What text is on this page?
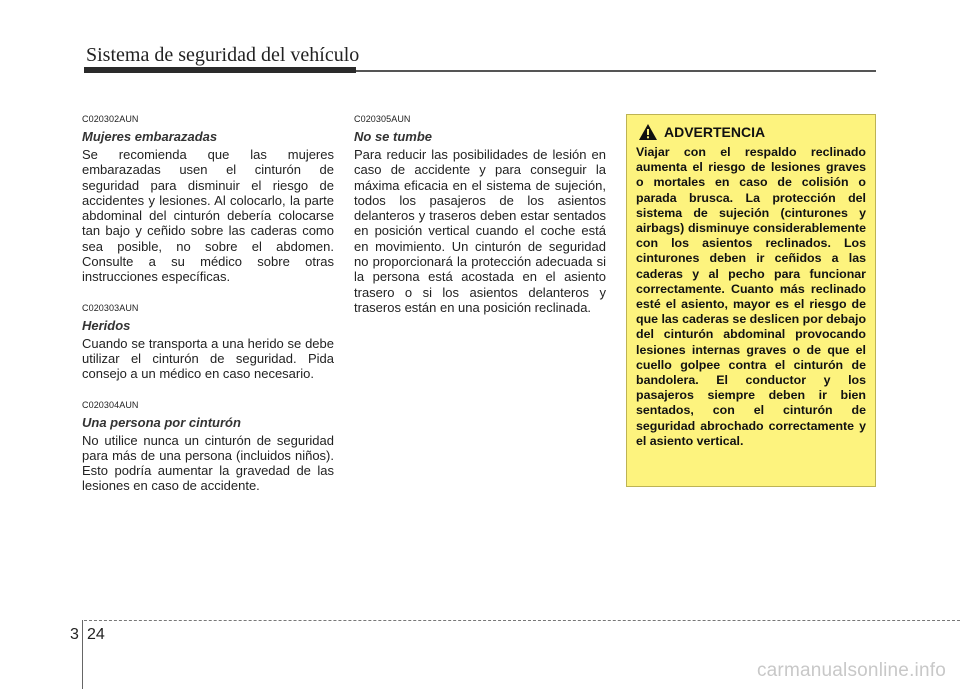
Sistema de seguridad del vehículo
C020302AUN
Mujeres embarazadas
Se recomienda que las mujeres embarazadas usen el cinturón de seguridad para disminuir el riesgo de accidentes y lesiones. Al colocarlo, la parte abdominal del cinturón debería colocarse tan bajo y ceñido sobre las caderas como sea posible, no sobre el abdomen. Consulte a su médico sobre otras instrucciones específicas.
C020303AUN
Heridos
Cuando se transporta a una herido se debe utilizar el cinturón de seguridad. Pida consejo a un médico en caso necesario.
C020304AUN
Una persona por cinturón
No utilice nunca un cinturón de seguridad para más de una persona (incluidos niños). Esto podría aumentar la gravedad de las lesiones en caso de accidente.
C020305AUN
No se tumbe
Para reducir las posibilidades de lesión en caso de accidente y para conseguir la máxima eficacia en el sistema de sujeción, todos los pasajeros de los asientos delanteros y traseros deben estar sentados en posición vertical cuando el coche está en movimiento. Un cinturón de seguridad no proporcionará la protección adecuada si la persona está acostada en el asiento trasero o si los asientos delanteros y traseros están en una posición reclinada.
ADVERTENCIA
Viajar con el respaldo reclinado aumenta el riesgo de lesiones graves o mortales en caso de colisión o parada brusca. La protección del sistema de sujeción (cinturones y airbags) disminuye considerablemente con los asientos reclinados. Los cinturones deben ir ceñidos a las caderas y al pecho para funcionar correctamente. Cuanto más reclinado esté el asiento, mayor es el riesgo de que las caderas se deslicen por debajo del cinturón abdominal provocando lesiones internas graves o de que el cuello golpee contra el cinturón de bandolera. El conductor y los pasajeros siempre deben ir bien sentados, con el cinturón de seguridad abrochado correctamente y el asiento vertical.
3 24
carmanualsonline.info
